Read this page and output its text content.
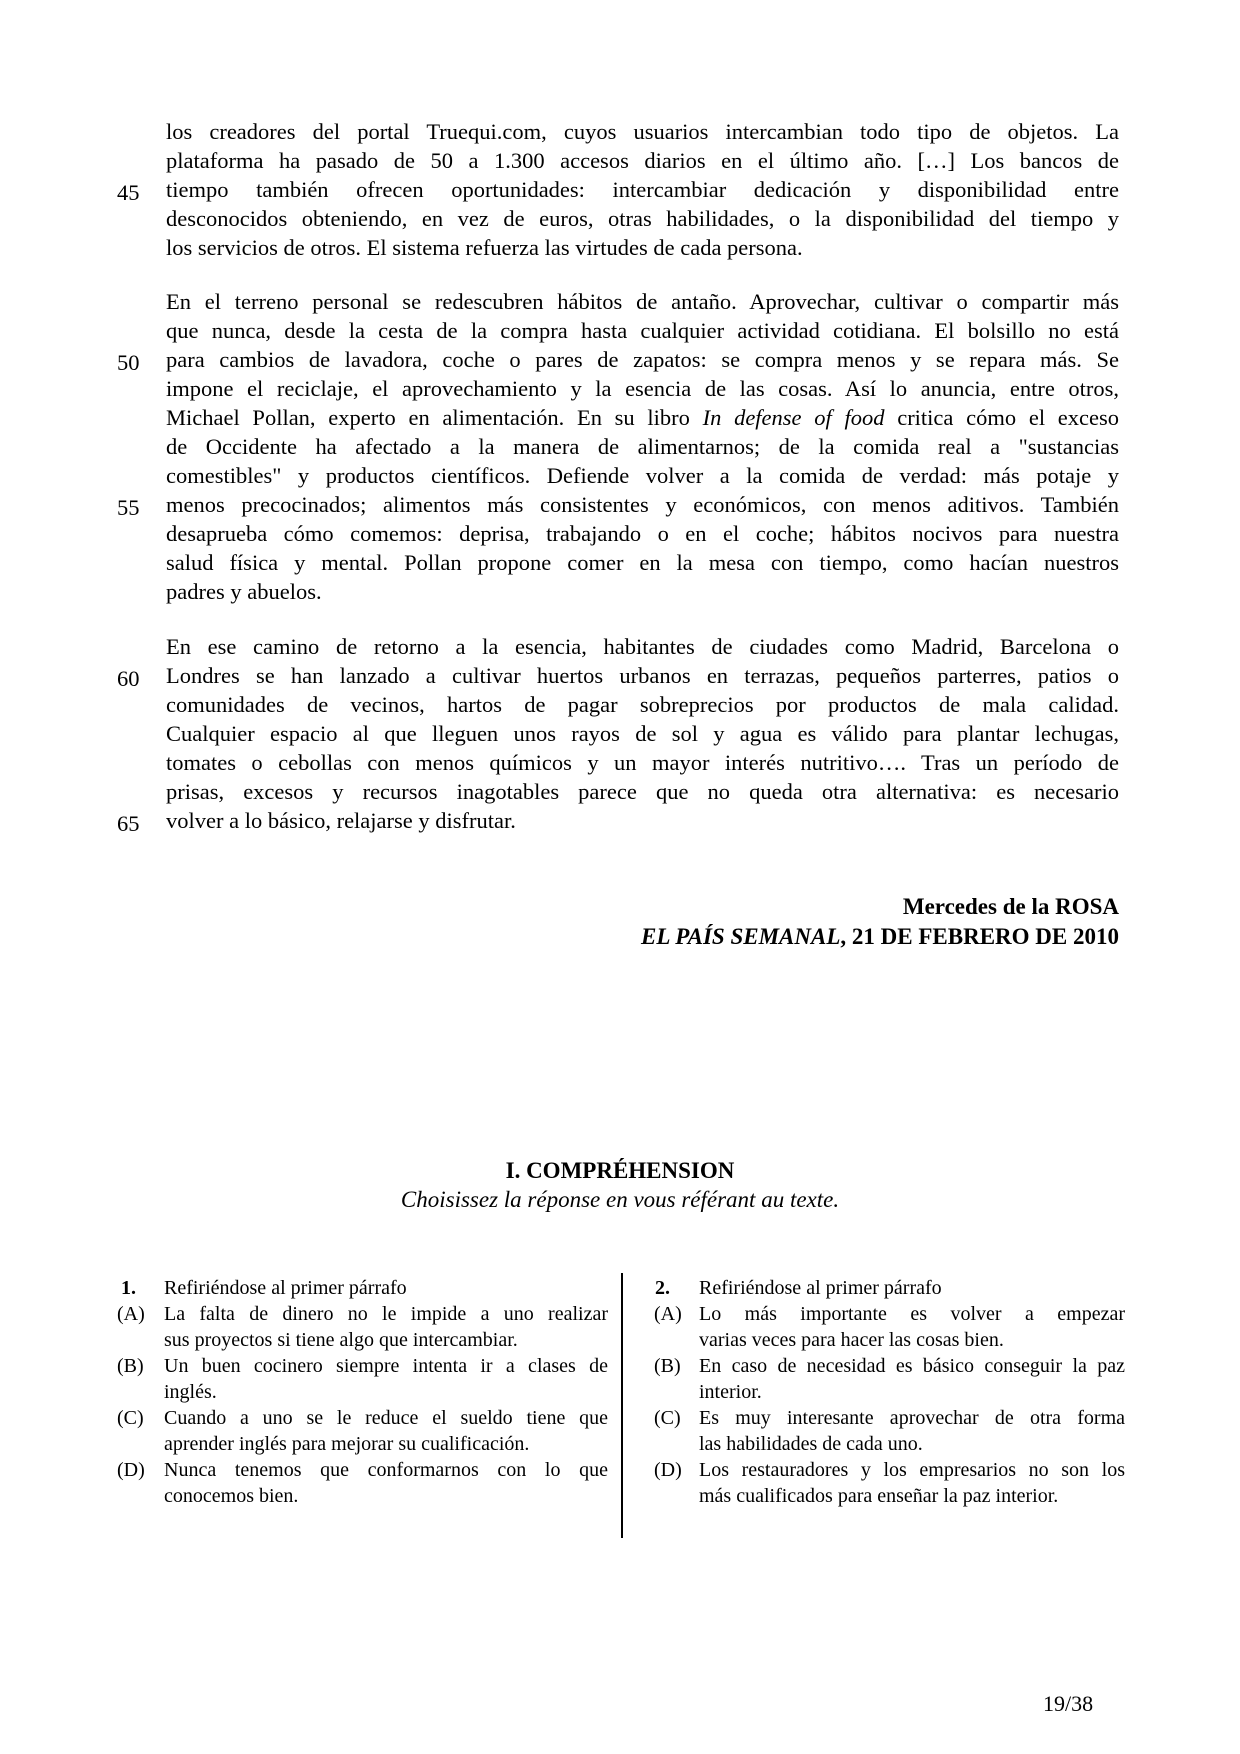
los creadores del portal Truequi.com, cuyos usuarios intercambian todo tipo de objetos. La
plataforma ha pasado de 50 a 1.300 accesos diarios en el último año. […] Los bancos de
tiempo también ofrecen oportunidades: intercambiar dedicación y disponibilidad entre
desconocidos obteniendo, en vez de euros, otras habilidades, o la disponibilidad del tiempo y
los servicios de otros. El sistema refuerza las virtudes de cada persona.
En el terreno personal se redescubren hábitos de antaño. Aprovechar, cultivar o compartir más
que nunca, desde la cesta de la compra hasta cualquier actividad cotidiana. El bolsillo no está
para cambios de lavadora, coche o pares de zapatos: se compra menos y se repara más. Se
impone el reciclaje, el aprovechamiento y la esencia de las cosas. Así lo anuncia, entre otros,
Michael Pollan, experto en alimentación. En su libro In defense of food critica cómo el exceso
de Occidente ha afectado a la manera de alimentarnos; de la comida real a "sustancias
comestibles" y productos científicos. Defiende volver a la comida de verdad: más potaje y
menos precocinados; alimentos más consistentes y económicos, con menos aditivos. También
desaprueba cómo comemos: deprisa, trabajando o en el coche; hábitos nocivos para nuestra
salud física y mental. Pollan propone comer en la mesa con tiempo, como hacían nuestros
padres y abuelos.
En ese camino de retorno a la esencia, habitantes de ciudades como Madrid, Barcelona o
Londres se han lanzado a cultivar huertos urbanos en terrazas, pequeños parterres, patios o
comunidades de vecinos, hartos de pagar sobreprecios por productos de mala calidad.
Cualquier espacio al que lleguen unos rayos de sol y agua es válido para plantar lechugas,
tomates o cebollas con menos químicos y un mayor interés nutritivo…. Tras un período de
prisas, excesos y recursos inagotables parece que no queda otra alternativa: es necesario
volver a lo básico, relajarse y disfrutar.
45
50
55
60
65
Mercedes de la ROSA
EL PAÍS SEMANAL, 21 DE FEBRERO DE 2010
I. COMPRÉHENSION
Choisissez la réponse en vous référant au texte.
1. Refiriéndose al primer párrafo
(A) La falta de dinero no le impide a uno realizar
sus proyectos si tiene algo que intercambiar.
(B) Un buen cocinero siempre intenta ir a clases de
inglés.
(C) Cuando a uno se le reduce el sueldo tiene que
aprender inglés para mejorar su cualificación.
(D) Nunca tenemos que conformarnos con lo que
conocemos bien.
2. Refiriéndose al primer párrafo
(A) Lo más importante es volver a empezar
varias veces para hacer las cosas bien.
(B) En caso de necesidad es básico conseguir la paz
interior.
(C) Es muy interesante aprovechar de otra forma
las habilidades de cada uno.
(D) Los restauradores y los empresarios no son los
más cualificados para enseñar la paz interior.
19/38
